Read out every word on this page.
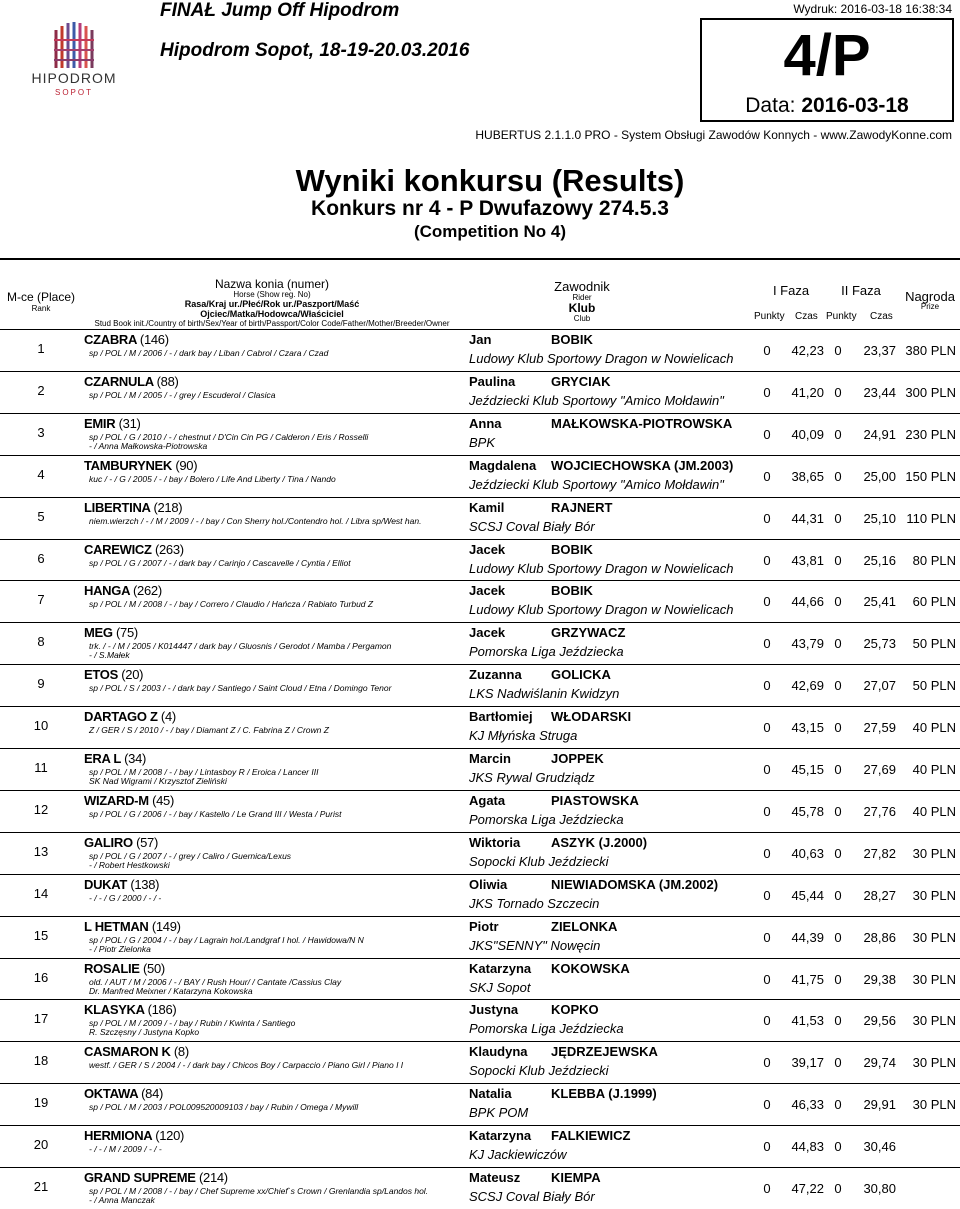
HIPODROM
SOPOT
FINAŁ Jump Off Hipodrom
Hipodrom Sopot, 18-19-20.03.2016
Wydruk: 2016-03-18 16:38:34
4/P
Data: 2016-03-18
HUBERTUS 2.1.1.0 PRO - System Obsługi Zawodów Konnych - www.ZawodyKonne.com
Wyniki konkursu (Results)
Konkurs nr 4 - P Dwufazowy 274.5.3
(Competition No 4)
M-ce (Place)
Rank
Nazwa konia (numer)
Horse (Show reg. No)
Rasa/Kraj ur./Płeć/Rok ur./Paszport/Maść
Ojciec/Matka/Hodowca/Właściciel
Stud Book init./Country of birth/Sex/Year of birth/Passport/Color Code/Father/Mother/Breeder/Owner
Zawodnik
Rider
Klub
Club
I Faza	II Faza	Nagroda
Prize
Punkty Czas Punkty Czas
1
CZABRA (146)
sp / POL / M / 2006 / - / dark bay / Liban / Cabrol / Czara / Czad
Jan	BOBIK
Ludowy Klub Sportowy Dragon w Nowielicach
0	42,23 0	23,37 380 PLN
2
CZARNULA (88)
sp / POL / M / 2005 / - / grey / Escuderol / Clasica
Paulina	GRYCIAK
Jeździecki Klub Sportowy "Amico Mołdawin"
0	41,20 0	23,44 300 PLN
3
EMIR (31)
sp / POL / G / 2010 / - / chestnut / D'Cin Cin PG / Calderon / Eris / Rosselli
- / Anna Małkowska-Piotrowska
Anna	MAŁKOWSKA-PIOTROWSKA
BPK
0	40,09 0	24,91 230 PLN
4
TAMBURYNEK (90)
kuc / - / G / 2005 / - / bay / Bolero / Life And Liberty / Tina / Nando
Magdalena WOJCIECHOWSKA (JM.2003)
Jeździecki Klub Sportowy "Amico Mołdawin"
0	38,65 0	25,00 150 PLN
5
LIBERTINA (218)
niem.wierzch / - / M / 2009 / - / bay / Con Sherry hol./Contendro hol. / Libra sp/West han.
Kamil	RAJNERT
SCSJ Coval Biały Bór
0	44,31 0	25,10 110 PLN
6
CAREWICZ (263)
sp / POL / G / 2007 / - / dark bay / Carinjo / Cascavelle / Cyntia / Elliot
Jacek	BOBIK
Ludowy Klub Sportowy Dragon w Nowielicach
0	43,81 0	25,16	80 PLN
7
HANGA (262)
sp / POL / M / 2008 / - / bay / Correro / Claudio / Hańcza / Rabiato Turbud Z
Jacek	BOBIK
Ludowy Klub Sportowy Dragon w Nowielicach
0	44,66 0	25,41	60 PLN
8
MEG (75)
trk. / - / M / 2005 / K014447 / dark bay / Gluosnis / Gerodot / Mamba / Pergamon
- / S.Małek
Jacek	GRZYWACZ
Pomorska Liga Jeździecka
0	43,79 0	25,73	50 PLN
9
ETOS (20)
sp / POL / S / 2003 / - / dark bay / Santiego / Saint Cloud / Etna / Domingo Tenor
Zuzanna GOLICKA
LKS Nadwiślanin Kwidzyn
0	42,69 0	27,07	50 PLN
10
DARTAGO Z (4)
Z / GER / S / 2010 / - / bay / Diamant Z / C. Fabrina Z / Crown Z
Bartłomiej WŁODARSKI
KJ Młyńska Struga
0	43,15 0	27,59	40 PLN
11
ERA L (34)
sp / POL / M / 2008 / - / bay / Lintasboy R / Eroica / Lancer III
SK Nad Wigrami / Krzysztof Zieliński
Marcin	JOPPEK
JKS Rywal Grudziądz
0	45,15 0	27,69	40 PLN
12
WIZARD-M (45)
sp / POL / G / 2006 / - / bay / Kastello / Le Grand III / Westa / Purist
Agata	PIASTOWSKA
Pomorska Liga Jeździecka
0	45,78 0	27,76	40 PLN
13
GALIRO (57)
sp / POL / G / 2007 / - / grey / Caliro / Guernica/Lexus
- / Robert Hestkowski
Wiktoria ASZYK (J.2000)
Sopocki Klub Jeździecki
0	40,63 0	27,82	30 PLN
14
DUKAT (138)
- / - / G / 2000 / - / -
Oliwia	NIEWIADOMSKA (JM.2002)
JKS Tornado Szczecin
0	45,44 0	28,27	30 PLN
15
L HETMAN (149)
sp / POL / G / 2004 / - / bay / Lagrain hol./Landgraf I hol. / Hawidowa/N N
- / Piotr Zielonka
Piotr	ZIELONKA
JKS"SENNY" Nowęcin
0	44,39 0	28,86	30 PLN
16
ROSALIE (50)
old. / AUT / M / 2006 / - / BAY / Rush Hour/ / Cantate /Cassius Clay
Dr. Manfred Meixner / Katarzyna Kokowska
Katarzyna KOKOWSKA
SKJ Sopot
0	41,75 0	29,38	30 PLN
17
KLASYKA (186)
sp / POL / M / 2009 / - / bay / Rubin / Kwinta / Santiego
R. Szczęsny / Justyna Kopko
Justyna	KOPKO
Pomorska Liga Jeździecka
0	41,53 0	29,56	30 PLN
18
CASMARON K (8)
westf. / GER / S / 2004 / - / dark bay / Chicos Boy / Carpaccio / Piano Girl / Piano I I
Klaudyna JĘDRZEJEWSKA
Sopocki Klub Jeździecki
0	39,17 0	29,74	30 PLN
19
OKTAWA (84)
sp / POL / M / 2003 / POL009520009103 / bay / Rubin / Omega / Mywill
Natalia	KLEBBA (J.1999)
BPK POM
0	46,33 0	29,91	30 PLN
20
HERMIONA (120)
- / - / M / 2009 / - / -
Katarzyna FALKIEWICZ
KJ Jackiewiczów
0	44,83 0	30,46
21
GRAND SUPREME (214)
sp / POL / M / 2008 / - / bay / Chef Supreme xx/Chief`s Crown / Grenlandia sp/Landos hol.
- / Anna Manczak
Mateusz KIEMPA
SCSJ Coval Biały Bór
0	47,22 0	30,80
